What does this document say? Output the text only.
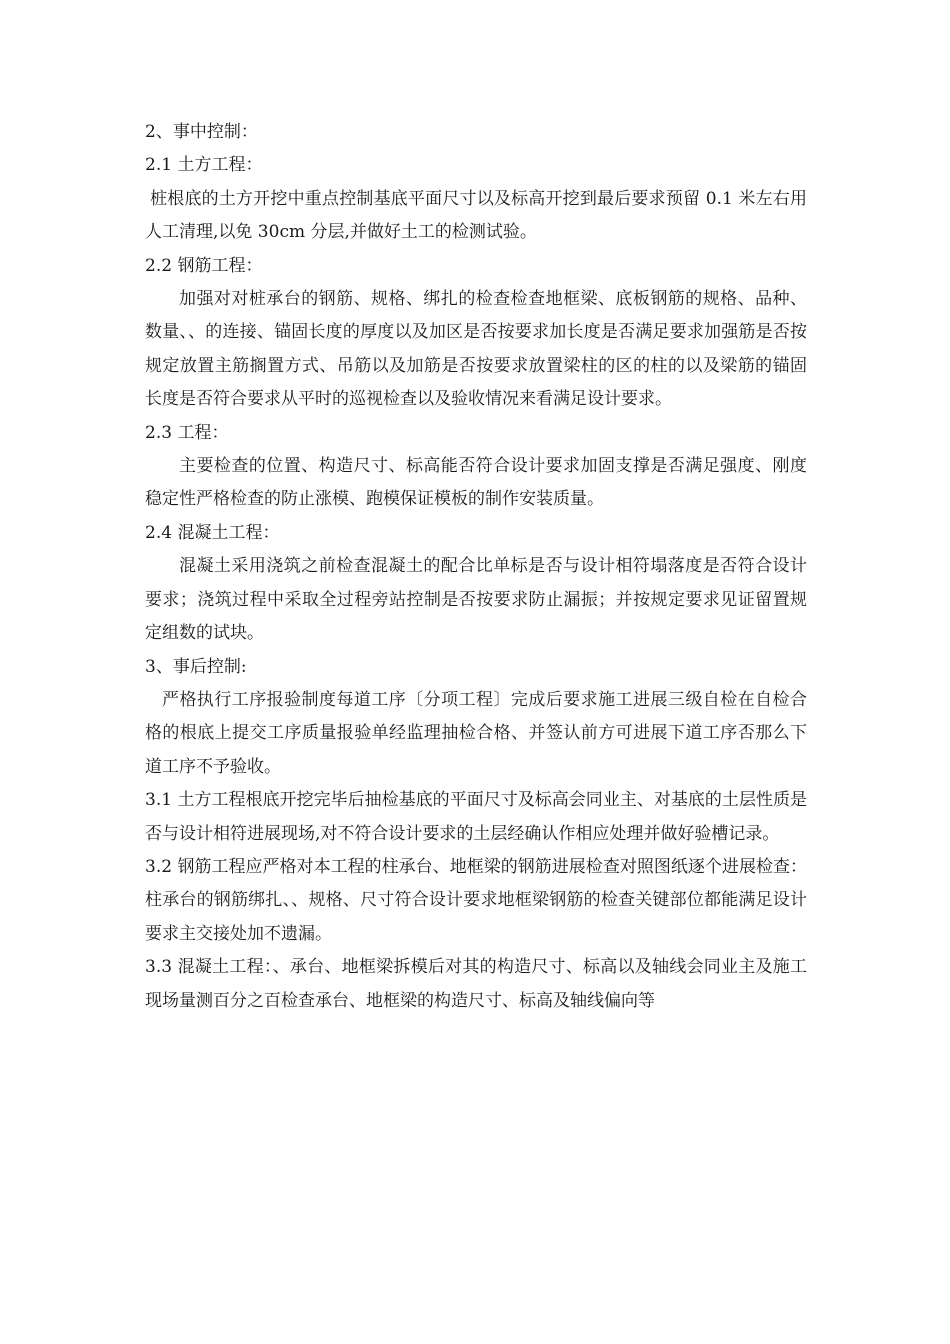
2、事中控制：

2.1 土方工程：

桩根底的土方开挖中重点控制基底平面尺寸以及标高开挖到最后要求预留 0.1 米左右用人工清理,以免 30cm 分层,并做好土工的检测试验。

2.2 钢筋工程：

加强对对桩承台的钢筋、规格、绑扎的检查检查地框梁、底板钢筋的规格、品种、数量、、的连接、锚固长度的厚度以及加区是否按要求加长度是否满足要求加强筋是否按规定放置主筋搁置方式、吊筋以及加筋是否按要求放置梁柱的区的柱的以及梁筋的锚固长度是否符合要求从平时的巡视检查以及验收情况来看满足设计要求。

2.3 工程：

主要检查的位置、构造尺寸、标高能否符合设计要求加固支撑是否满足强度、刚度稳定性严格检查的防止涨模、跑模保证模板的制作安装质量。

2.4 混凝土工程：

混凝土采用浇筑之前检查混凝土的配合比单标是否与设计相符塌落度是否符合设计要求；浇筑过程中采取全过程旁站控制是否按要求防止漏振；并按规定要求见证留置规定组数的试块。

3、事后控制:

严格执行工序报验制度每道工序〔分项工程〕完成后要求施工进展三级自检在自检合格的根底上提交工序质量报验单经监理抽检合格、并签认前方可进展下道工序否那么下道工序不予验收。

3.1 土方工程根底开挖完毕后抽检基底的平面尺寸及标高会同业主、对基底的土层性质是否与设计相符进展现场,对不符合设计要求的土层经确认作相应处理并做好验槽记录。

3.2 钢筋工程应严格对本工程的柱承台、地框梁的钢筋进展检查对照图纸逐个进展检查：柱承台的钢筋绑扎、、规格、尺寸符合设计要求地框梁钢筋的检查关键部位都能满足设计要求主交接处加不遗漏。

3.3 混凝土工程：、承台、地框梁拆模后对其的构造尺寸、标高以及轴线会同业主及施工现场量测百分之百检查承台、地框梁的构造尺寸、标高及轴线偏向等
